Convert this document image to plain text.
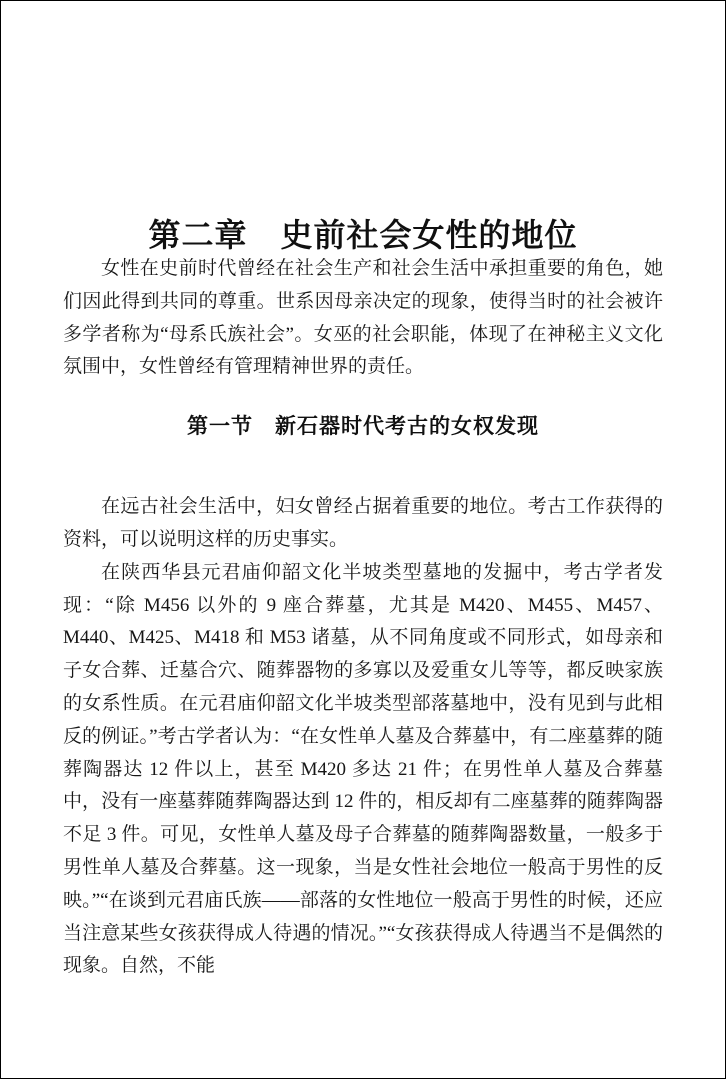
第二章　史前社会女性的地位

女性在史前时代曾经在社会生产和社会生活中承担重要的角色，她们因此得到共同的尊重。世系因母亲决定的现象，使得当时的社会被许多学者称为“母系氏族社会”。女巫的社会职能，体现了在神秘主义文化氛围中，女性曾经有管理精神世界的责任。

第一节　新石器时代考古的女权发现

在远古社会生活中，妇女曾经占据着重要的地位。考古工作获得的资料，可以说明这样的历史事实。

在陕西华县元君庙仰韶文化半坡类型墓地的发掘中，考古学者发现：“除 M456 以外的 9 座合葬墓，尤其是 M420、M455、M457、M440、M425、M418 和 M53 诸墓，从不同角度或不同形式，如母亲和子女合葬、迁墓合穴、随葬器物的多寡以及爱重女儿等等，都反映家族的女系性质。在元君庙仰韶文化半坡类型部落墓地中，没有见到与此相反的例证。”考古学者认为：“在女性单人墓及合葬墓中，有二座墓葬的随葬陶器达 12 件以上，甚至 M420 多达 21 件；在男性单人墓及合葬墓中，没有一座墓葬随葬陶器达到 12 件的，相反却有二座墓葬的随葬陶器不足 3 件。可见，女性单人墓及母子合葬墓的随葬陶器数量，一般多于男性单人墓及合葬墓。这一现象，当是女性社会地位一般高于男性的反映。”“在谈到元君庙氏族——部落的女性地位一般高于男性的时候，还应当注意某些女孩获得成人待遇的情况。”“女孩获得成人待遇当不是偶然的现象。自然，不能
